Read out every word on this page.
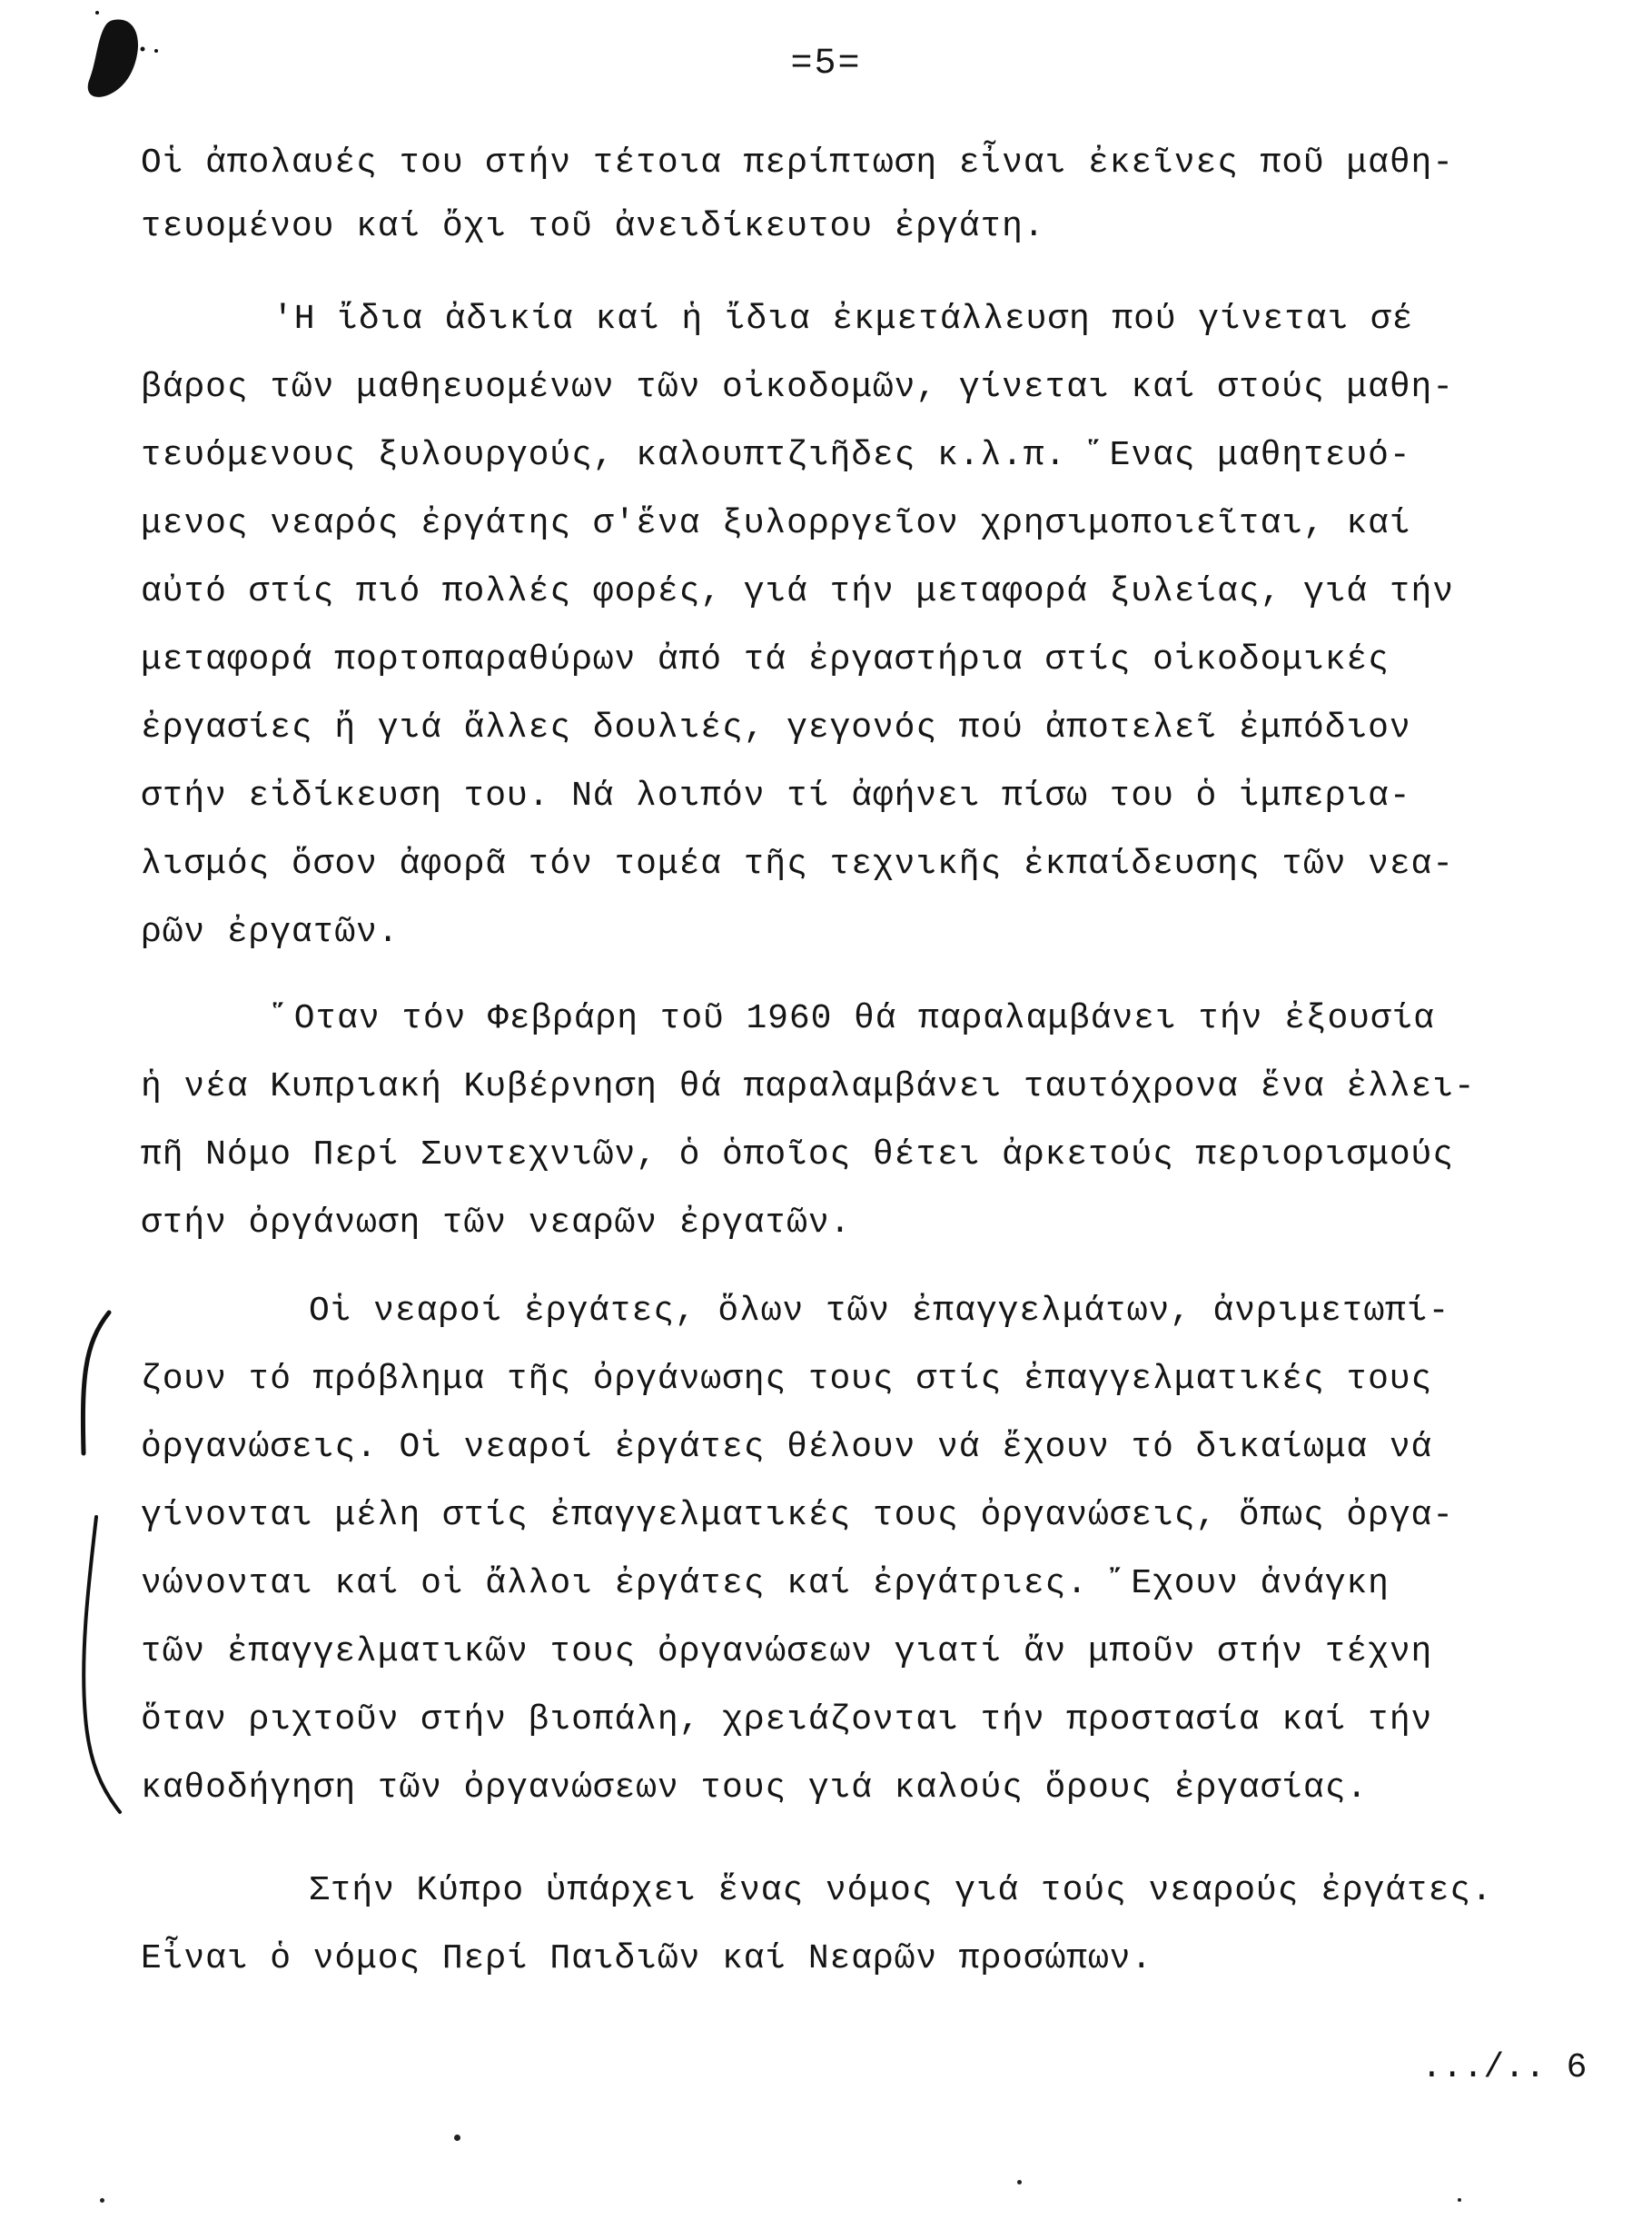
=5=
Οἱ ἀπολαυές του στήν τέτοια περίπτωση εἶναι ἐκεῖνες ποῦ μαθη-
τευομένου καί ὄχι τοῦ ἀνειδίκευτου ἐργάτη.
'Η ἴδια ἀδικία καί ἡ ἴδια ἐκμετάλλευση πού γίνεται σέ
βάρος τῶν μαθηευομένων τῶν οἰκοδομῶν, γίνεται καί στούς μαθη-
τευόμενους ξυλουργούς, καλουπτζιῆδες κ.λ.π. ῞Ενας μαθητευό-
μενος νεαρός ἐργάτης σ'ἕνα ξυλορργεῖον χρησιμοποιεῖται, καί
αὐτό στίς πιό πολλές φορές, γιά τήν μεταφορά ξυλείας, γιά τήν
μεταφορά πορτοπαραθύρων ἀπό τά ἐργαστήρια στίς οἰκοδομικές
ἐργασίες ἤ γιά ἄλλες δουλιές, γεγονός πού ἀποτελεῖ ἐμπόδιον
στήν εἰδίκευση του. Νά λοιπόν τί ἀφήνει πίσω του ὁ ἰμπερια-
λισμός ὅσον ἀφορᾶ τόν τομέα τῆς τεχνικῆς ἐκπαίδευσης τῶν νεα-
ρῶν ἐργατῶν.
῞Οταν τόν Φεβράρη τοῦ 1960 θά παραλαμβάνει τήν ἐξουσία
ἡ νέα Κυπριακή Κυβέρνηση θά παραλαμβάνει ταυτόχρονα ἕνα ἐλλει-
πῆ Νόμο Περί Συντεχνιῶν, ὁ ὁποῖος θέτει ἀρκετούς περιορισμούς
στήν ὀργάνωση τῶν νεαρῶν ἐργατῶν.
Οἱ νεαροί ἐργάτες, ὅλων τῶν ἐπαγγελμάτων, ἀνριμετωπί-
ζουν τό πρόβλημα τῆς ὀργάνωσης τους στίς ἐπαγγελματικές τους
ὀργανώσεις. Οἱ νεαροί ἐργάτες θέλουν νά ἔχουν τό δικαίωμα νά
γίνονται μέλη στίς ἐπαγγελματικές τους ὀργανώσεις, ὅπως ὀργα-
νώνονται καί οἱ ἄλλοι ἐργάτες καί ἐργάτριες. ῎Εχουν ἀνάγκη
τῶν ἐπαγγελματικῶν τους ὀργανώσεων γιατί ἄν μποῦν στήν τέχνη
ὅταν ριχτοῦν στήν βιοπάλη, χρειάζονται τήν προστασία καί τήν
καθοδήγηση τῶν ὀργανώσεων τους γιά καλούς ὅρους ἐργασίας.
Στήν Κύπρο ὑπάρχει ἕνας νόμος γιά τούς νεαρούς ἐργάτες.
Εἶναι ὁ νόμος Περί Παιδιῶν καί Νεαρῶν προσώπων.
.../.. 6
